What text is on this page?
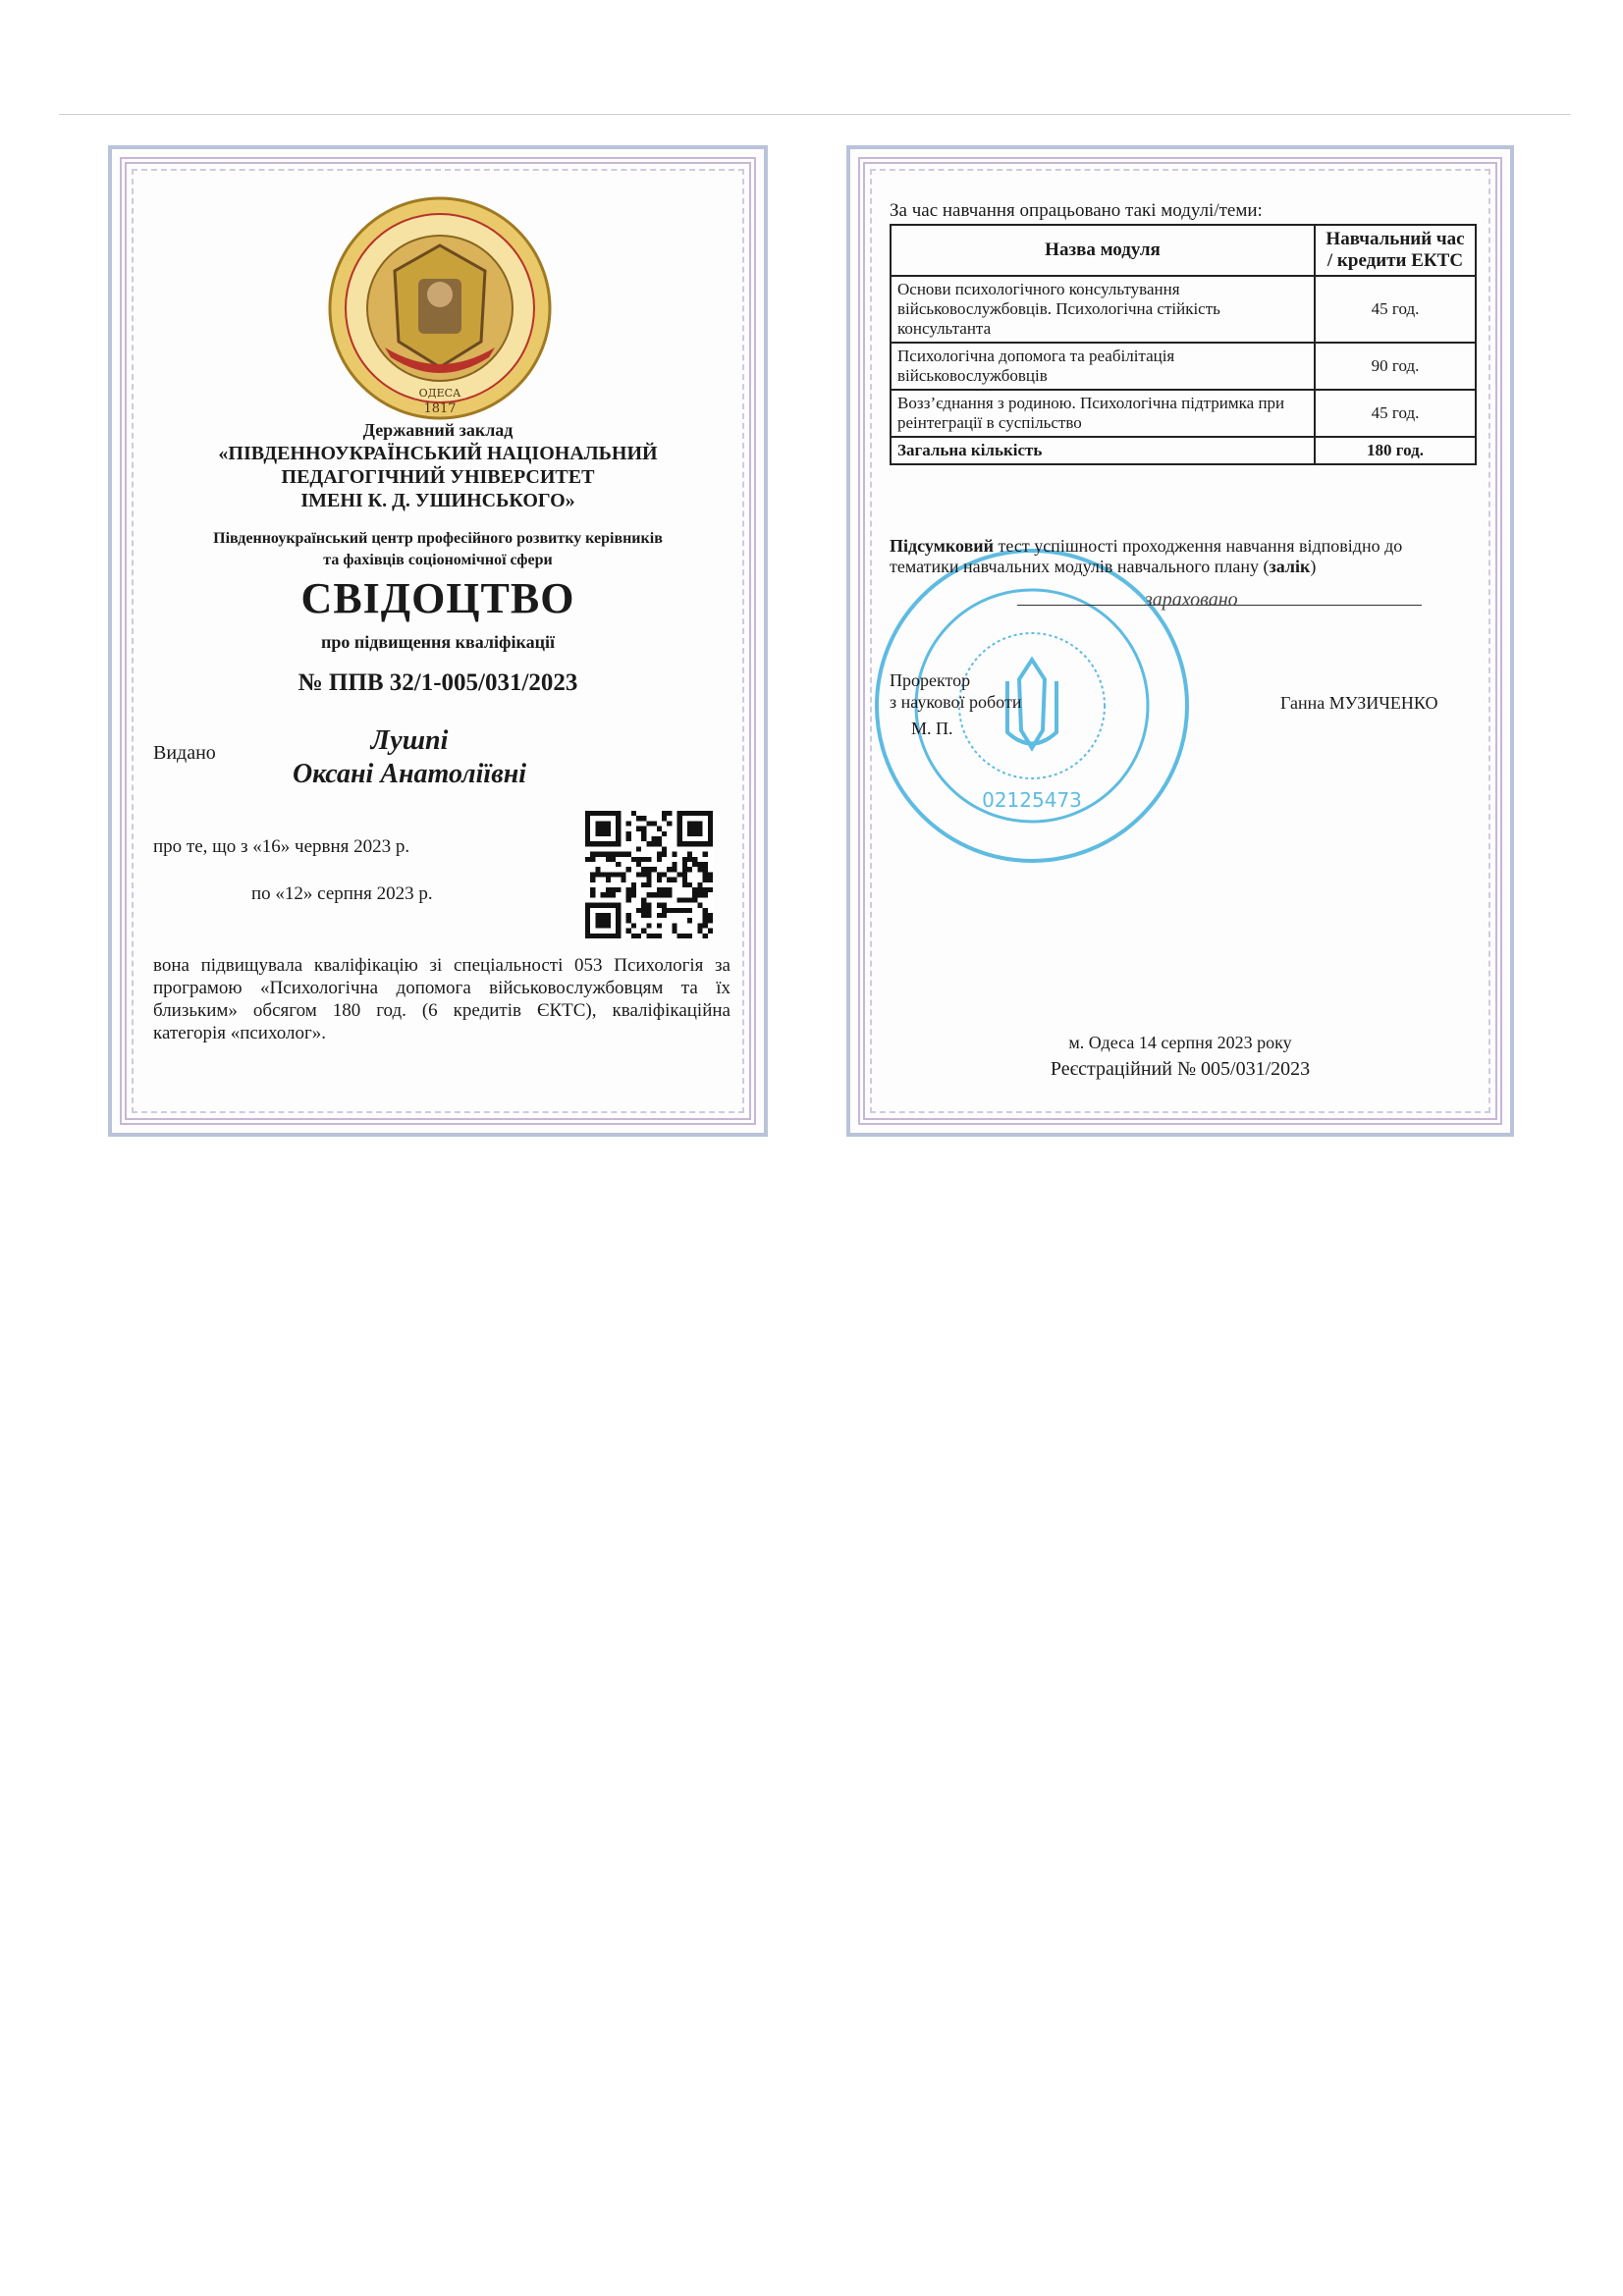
ОДЕСА
1817
Державний заклад
«ПІВДЕННОУКРАЇНСЬКИЙ НАЦІОНАЛЬНИЙ
ПЕДАГОГІЧНИЙ УНІВЕРСИТЕТ
ІМЕНІ К. Д. УШИНСЬКОГО»
Південноукраїнський центр професійного розвитку керівників
та фахівців соціономічної сфери
СВІДОЦТВО
про підвищення кваліфікації
№ ППВ 32/1-005/031/2023
Видано	Лушпі
Оксані Анатоліївні
про те, що з «16» червня 2023 р.
по «12» серпня 2023 р.
вона підвищувала кваліфікацію зі спеціальності 053 Психологія за програмою «Психологічна допомога військовослужбовцям та їх близьким» обсягом 180 год. (6 кредитів ЄКТС), кваліфікаційна категорія «психолог».
02125473
За час навчання опрацьовано такі модулі/теми:
Назва модуля	Навчальний час / кредити ЕКТС
Основи психологічного консультування військовослужбовців. Психологічна стійкість консультанта	45 год.
Психологічна допомога та реабілітація військовослужбовців	90 год.
Возз’єднання з родиною. Психологічна підтримка при реінтеграції в суспільство	45 год.
Загальна кількість	180 год.
Підсумковий тест успішності проходження навчання відповідно до тематики навчальних модулів навчального плану (залік)
зараховано
Проректор
з наукової роботи
М. П.
Ганна МУЗИЧЕНКО
м. Одеса 14 серпня 2023 року
Реєстраційний № 005/031/2023
